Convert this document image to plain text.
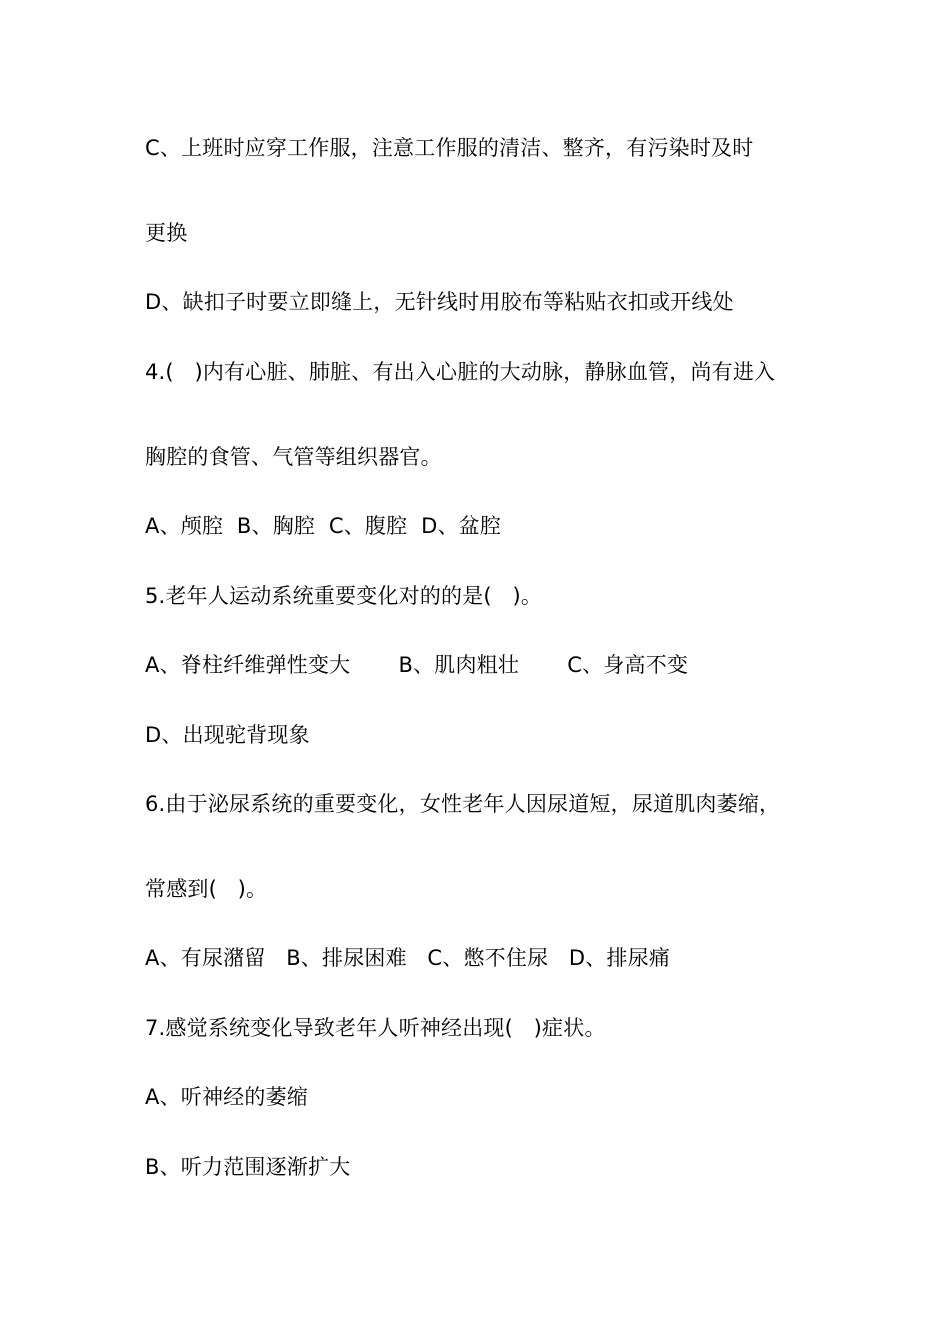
C、上班时应穿工作服，注意工作服的清洁、整齐，有污染时及时
更换
D、缺扣子时要立即缝上，无针线时用胶布等粘贴衣扣或开线处
4.(   )内有心脏、肺脏、有出入心脏的大动脉，静脉血管，尚有进入
胸腔的食管、气管等组织器官。
A、颅腔  B、胸腔  C、腹腔  D、盆腔
5.老年人运动系统重要变化对的的是(   )。
A、脊柱纤维弹性变大       B、肌肉粗壮       C、身高不变
D、出现驼背现象
6.由于泌尿系统的重要变化，女性老年人因尿道短，尿道肌肉萎缩，
常感到(   )。
A、有尿潴留   B、排尿困难   C、憋不住尿   D、排尿痛
7.感觉系统变化导致老年人听神经出现(   )症状。
A、听神经的萎缩
B、听力范围逐渐扩大
